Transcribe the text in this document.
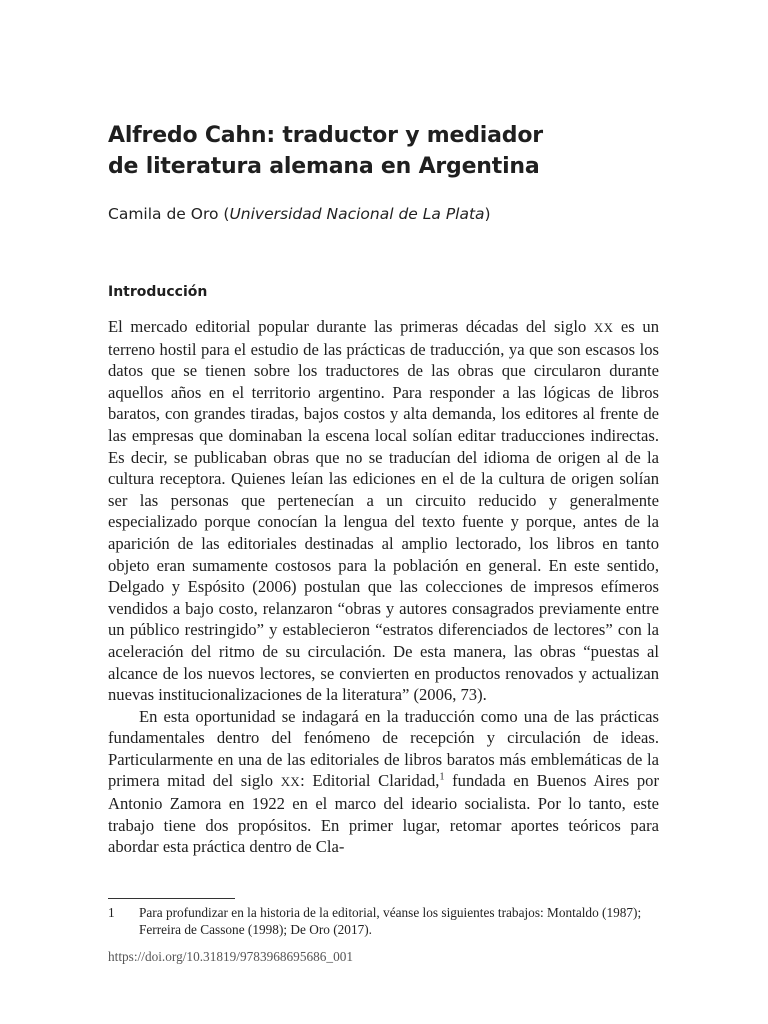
Alfredo Cahn: traductor y mediador
de literatura alemana en Argentina
Camila de Oro (Universidad Nacional de La Plata)
Introducción

El mercado editorial popular durante las primeras décadas del siglo XX es un terreno hostil para el estudio de las prácticas de traducción, ya que son escasos los datos que se tienen sobre los traductores de las obras que circularon durante aquellos años en el territorio argentino. Para responder a las lógicas de libros baratos, con grandes tiradas, bajos costos y alta demanda, los editores al frente de las empresas que dominaban la escena local solían editar traducciones indirectas. Es decir, se publicaban obras que no se traducían del idioma de origen al de la cultura receptora. Quienes leían las ediciones en el de la cultura de origen solían ser las personas que pertenecían a un circuito reducido y generalmente especializado porque conocían la lengua del texto fuente y porque, antes de la aparición de las editoriales destinadas al amplio lectorado, los libros en tanto objeto eran sumamente costosos para la población en general. En este sentido, Delgado y Espósito (2006) postulan que las colecciones de impresos efímeros vendidos a bajo costo, relanzaron “obras y autores consagrados previamente entre un público restringido” y establecieron “estratos diferenciados de lectores” con la aceleración del ritmo de su circulación. De esta manera, las obras “puestas al alcance de los nuevos lectores, se convierten en productos renovados y actualizan nuevas institucionalizaciones de la literatura” (2006, 73).

En esta oportunidad se indagará en la traducción como una de las prácticas fundamentales dentro del fenómeno de recepción y circulación de ideas. Particularmente en una de las editoriales de libros baratos más emblemáticas de la primera mitad del siglo XX: Editorial Claridad,$^1$ fundada en Buenos Aires por Antonio Zamora en 1922 en el marco del ideario socialista. Por lo tanto, este trabajo tiene dos propósitos. En primer lugar, retomar aportes teóricos para abordar esta práctica dentro de Cla-

1 Para profundizar en la historia de la editorial, véanse los siguientes trabajos: Montaldo (1987); Ferreira de Cassone (1998); De Oro (2017).
https://doi.org/10.31819/9783968695686_001
